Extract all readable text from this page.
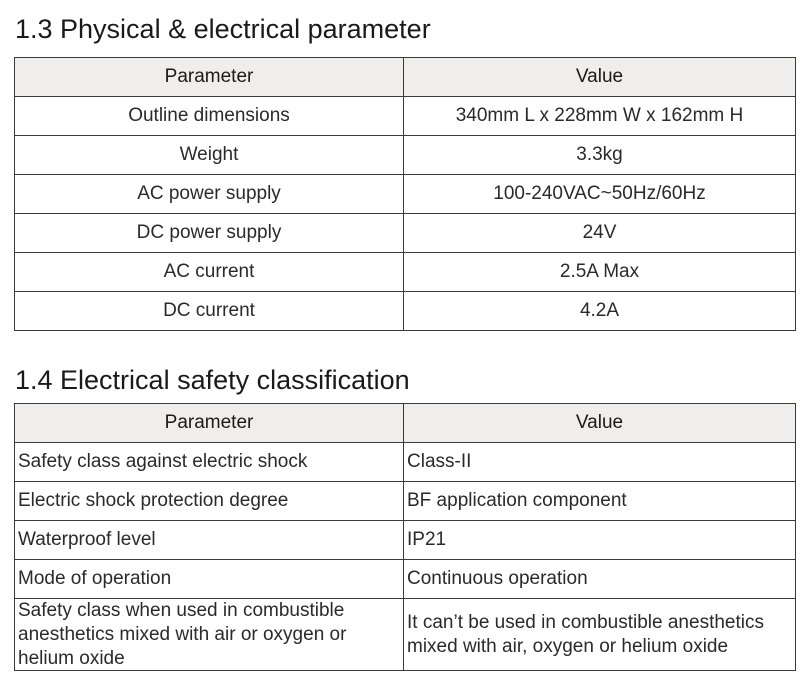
1.3 Physical & electrical parameter
Parameter	Value
Outline dimensions	340mm L x 228mm W x 162mm H
Weight	3.3kg
AC power supply	100-240VAC~50Hz/60Hz
DC power supply	24V
AC current	2.5A Max
DC current	4.2A
1.4 Electrical safety classification
Parameter	Value
Safety class against electric shock	Class-II
Electric shock protection degree	BF application component
Waterproof level	IP21
Mode of operation	Continuous operation
Safety class when used in combustible anesthetics mixed with air or oxygen or helium oxide	It can’t be used in combustible anesthetics mixed with air, oxygen or helium oxide
